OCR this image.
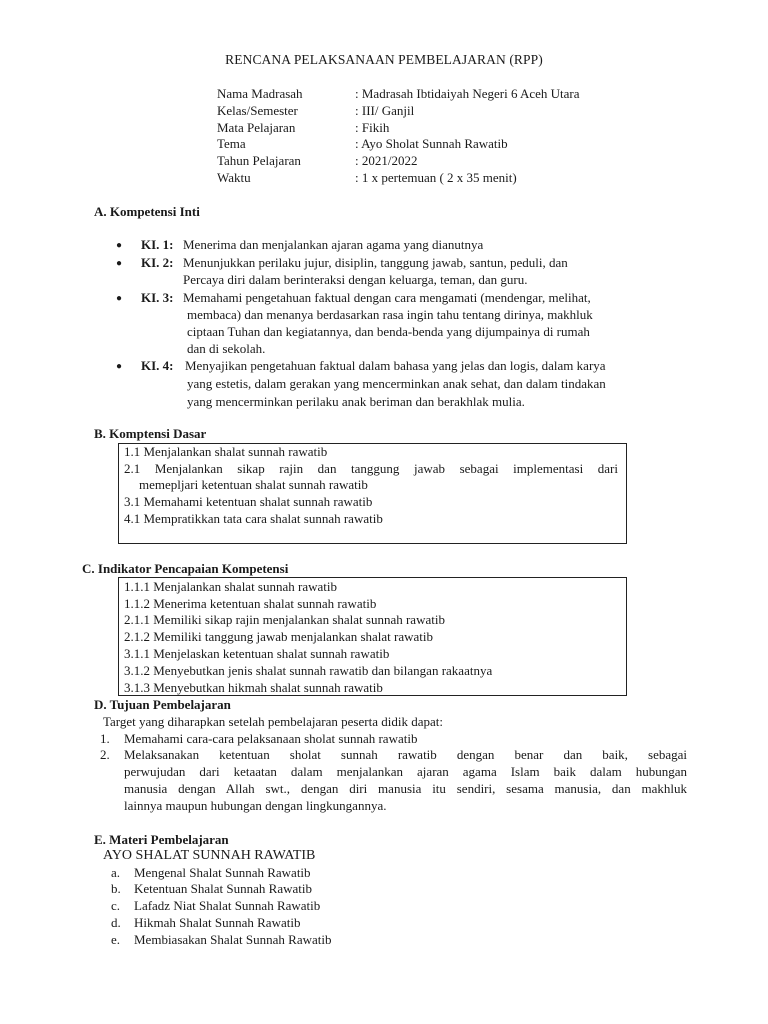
RENCANA PELAKSANAAN PEMBELAJARAN (RPP)
Nama Madrasah	: Madrasah Ibtidaiyah Negeri 6 Aceh Utara
Kelas/Semester	: III/ Ganjil
Mata Pelajaran	: Fikih
Tema	: Ayo Sholat Sunnah Rawatib
Tahun Pelajaran	: 2021/2022
Waktu	: 1 x pertemuan ( 2 x 35 menit)
A. Kompetensi Inti
● KI. 1: Menerima dan menjalankan ajaran agama yang dianutnya
● KI. 2: Menunjukkan perilaku jujur, disiplin, tanggung jawab, santun, peduli, dan
Percaya diri dalam berinteraksi dengan keluarga, teman, dan guru.
● KI. 3: Memahami pengetahuan faktual dengan cara mengamati (mendengar, melihat,
membaca) dan menanya berdasarkan rasa ingin tahu tentang dirinya, makhluk
ciptaan Tuhan dan kegiatannya, dan benda-benda yang dijumpainya di rumah
dan di sekolah.
● KI. 4: Menyajikan pengetahuan faktual dalam bahasa yang jelas dan logis, dalam karya
yang estetis, dalam gerakan yang mencerminkan anak sehat, dan dalam tindakan
yang mencerminkan perilaku anak beriman dan berakhlak mulia.
B. Komptensi Dasar
1.1 Menjalankan shalat sunnah rawatib
2.1 Menjalankan sikap rajin dan tanggung jawab sebagai implementasi dari
memepljari ketentuan shalat sunnah rawatib
3.1 Memahami ketentuan shalat sunnah rawatib
4.1 Mempratikkan tata cara shalat sunnah rawatib
C. Indikator Pencapaian Kompetensi
1.1.1 Menjalankan shalat sunnah rawatib
1.1.2 Menerima ketentuan shalat sunnah rawatib
2.1.1 Memiliki sikap rajin menjalankan shalat sunnah rawatib
2.1.2 Memiliki tanggung jawab menjalankan shalat rawatib
3.1.1 Menjelaskan ketentuan shalat sunnah rawatib
3.1.2 Menyebutkan jenis shalat sunnah rawatib dan bilangan rakaatnya
3.1.3 Menyebutkan hikmah shalat sunnah rawatib
D. Tujuan Pembelajaran
Target yang diharapkan setelah pembelajaran peserta didik dapat:
1. Memahami cara-cara pelaksanaan sholat sunnah rawatib
2. Melaksanakan ketentuan sholat sunnah rawatib dengan benar dan baik, sebagai
perwujudan dari ketaatan dalam menjalankan ajaran agama Islam baik dalam hubungan
manusia dengan Allah swt., dengan diri manusia itu sendiri, sesama manusia, dan makhluk
lainnya maupun hubungan dengan lingkungannya.
E. Materi Pembelajaran
AYO SHALAT SUNNAH RAWATIB
a. Mengenal Shalat Sunnah Rawatib
b. Ketentuan Shalat Sunnah Rawatib
c. Lafadz Niat Shalat Sunnah Rawatib
d. Hikmah Shalat Sunnah Rawatib
e. Membiasakan Shalat Sunnah Rawatib
